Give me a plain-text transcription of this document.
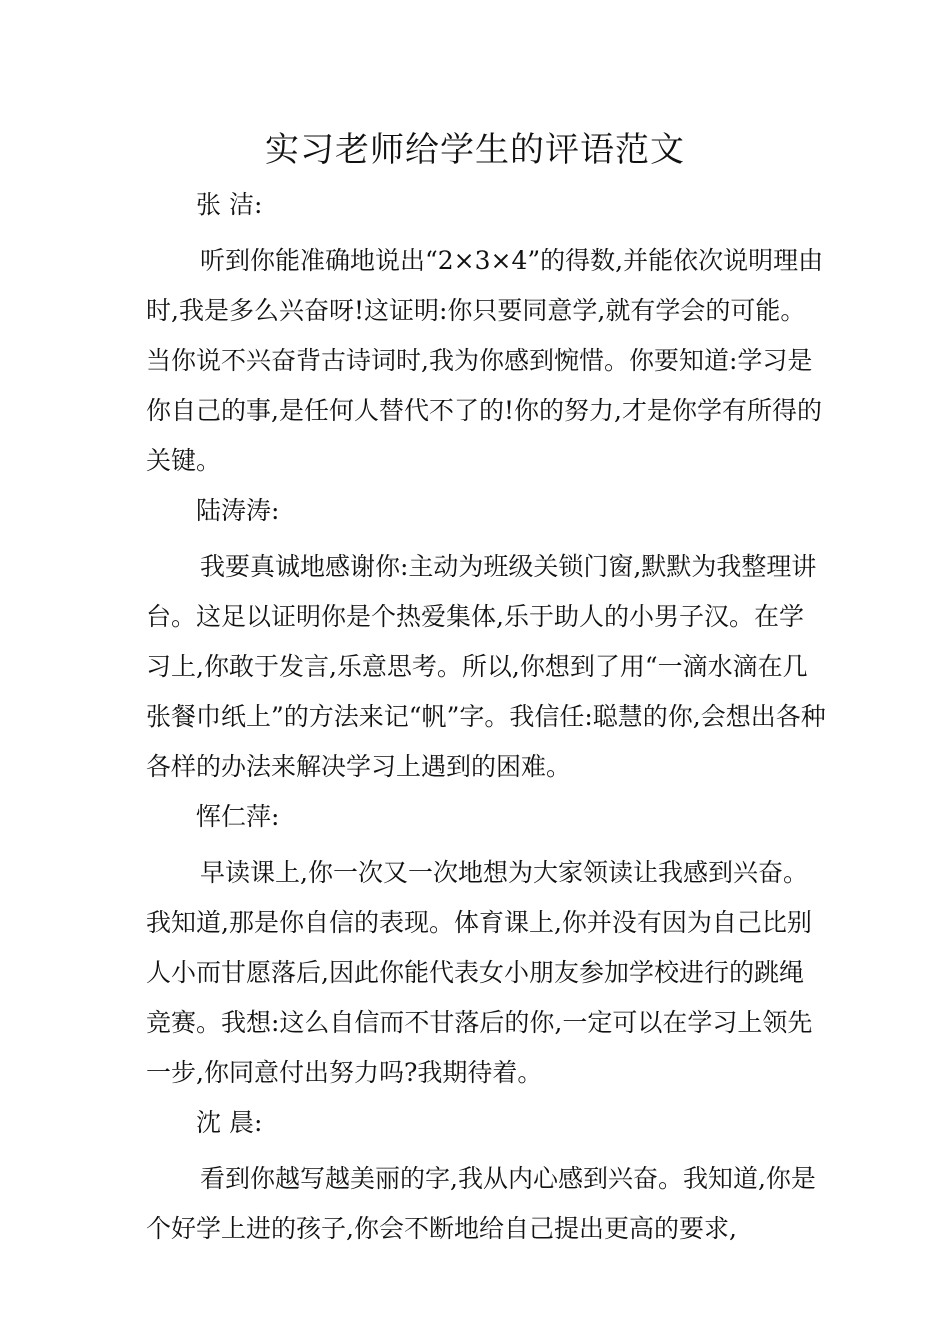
实习老师给学生的评语范文
张 洁:
听到你能准确地说出“2×3×4”的得数,并能依次说明理由时,我是多么兴奋呀!这证明:你只要同意学,就有学会的可能。当你说不兴奋背古诗词时,我为你感到惋惜。你要知道:学习是你自己的事,是任何人替代不了的!你的努力,才是你学有所得的关键。
陆涛涛:
我要真诚地感谢你:主动为班级关锁门窗,默默为我整理讲台。这足以证明你是个热爱集体,乐于助人的小男子汉。在学习上,你敢于发言,乐意思考。所以,你想到了用“一滴水滴在几张餐巾纸上”的方法来记“帆”字。我信任:聪慧的你,会想出各种各样的办法来解决学习上遇到的困难。
恽仁萍:
早读课上,你一次又一次地想为大家领读让我感到兴奋。我知道,那是你自信的表现。体育课上,你并没有因为自己比别人小而甘愿落后,因此你能代表女小朋友参加学校进行的跳绳竞赛。我想:这么自信而不甘落后的你,一定可以在学习上领先一步,你同意付出努力吗?我期待着。
沈 晨:
看到你越写越美丽的字,我从内心感到兴奋。我知道,你是个好学上进的孩子,你会不断地给自己提出更高的要求,
